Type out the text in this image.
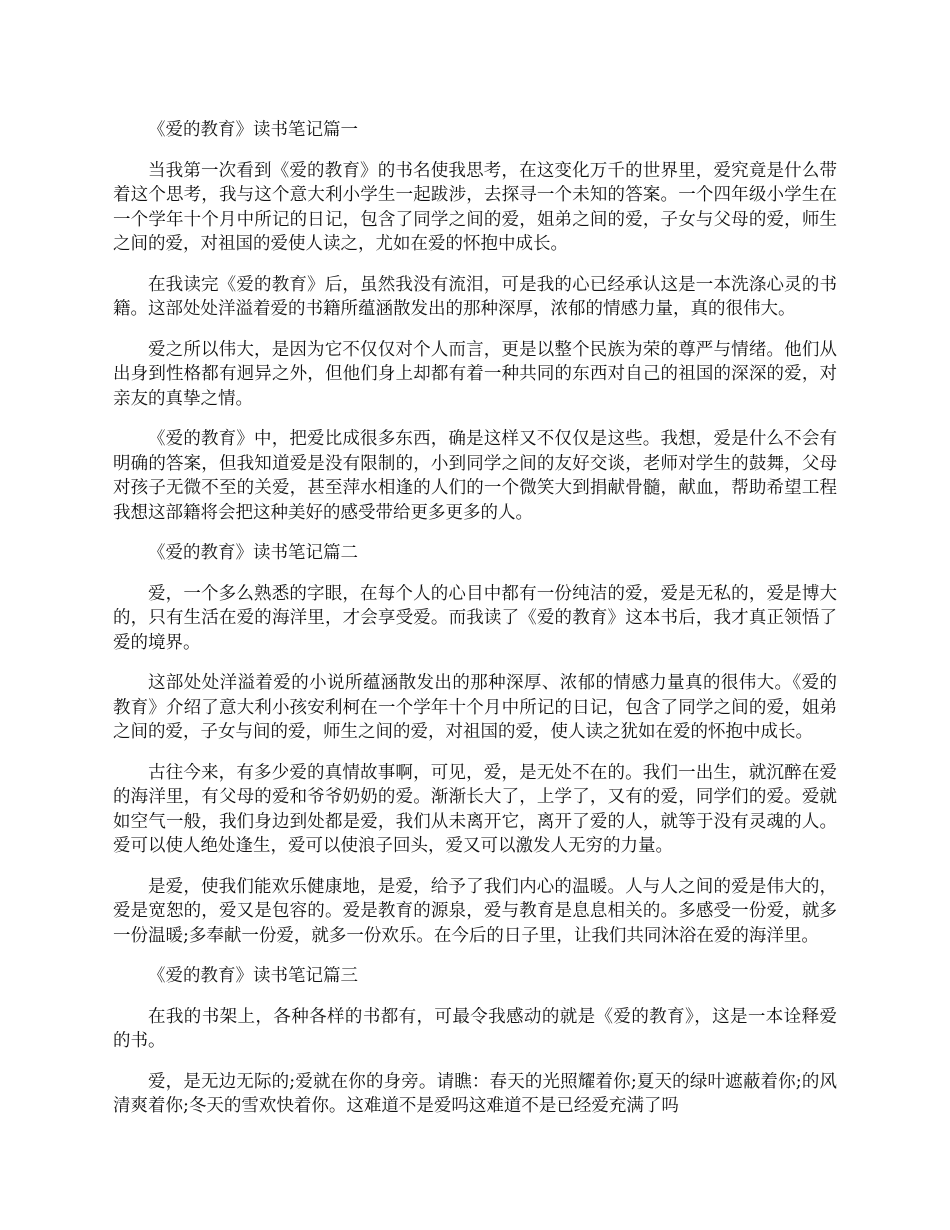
《爱的教育》读书笔记篇一

当我第一次看到《爱的教育》的书名使我思考，在这变化万千的世界里，爱究竟是什么带着这个思考，我与这个意大利小学生一起跋涉，去探寻一个未知的答案。一个四年级小学生在一个学年十个月中所记的日记，包含了同学之间的爱，姐弟之间的爱，子女与父母的爱，师生之间的爱，对祖国的爱使人读之，尤如在爱的怀抱中成长。

在我读完《爱的教育》后，虽然我没有流泪，可是我的心已经承认这是一本洗涤心灵的书籍。这部处处洋溢着爱的书籍所蕴涵散发出的那种深厚，浓郁的情感力量，真的很伟大。

爱之所以伟大，是因为它不仅仅对个人而言，更是以整个民族为荣的尊严与情绪。他们从出身到性格都有迥异之外，但他们身上却都有着一种共同的东西对自己的祖国的深深的爱，对亲友的真挚之情。

《爱的教育》中，把爱比成很多东西，确是这样又不仅仅是这些。我想，爱是什么不会有明确的答案，但我知道爱是没有限制的，小到同学之间的友好交谈，老师对学生的鼓舞，父母对孩子无微不至的关爱，甚至萍水相逢的人们的一个微笑大到捐献骨髓，献血，帮助希望工程我想这部籍将会把这种美好的感受带给更多更多的人。

《爱的教育》读书笔记篇二

爱，一个多么熟悉的字眼，在每个人的心目中都有一份纯洁的爱，爱是无私的，爱是博大的，只有生活在爱的海洋里，才会享受爱。而我读了《爱的教育》这本书后，我才真正领悟了爱的境界。

这部处处洋溢着爱的小说所蕴涵散发出的那种深厚、浓郁的情感力量真的很伟大。《爱的教育》介绍了意大利小孩安利柯在一个学年十个月中所记的日记，包含了同学之间的爱，姐弟之间的爱，子女与间的爱，师生之间的爱，对祖国的爱，使人读之犹如在爱的怀抱中成长。

古往今来，有多少爱的真情故事啊，可见，爱，是无处不在的。我们一出生，就沉醉在爱的海洋里，有父母的爱和爷爷奶奶的爱。渐渐长大了，上学了，又有的爱，同学们的爱。爱就如空气一般，我们身边到处都是爱，我们从未离开它，离开了爱的人，就等于没有灵魂的人。爱可以使人绝处逢生，爱可以使浪子回头，爱又可以激发人无穷的力量。

是爱，使我们能欢乐健康地，是爱，给予了我们内心的温暖。人与人之间的爱是伟大的，爱是宽恕的，爱又是包容的。爱是教育的源泉，爱与教育是息息相关的。多感受一份爱，就多一份温暖;多奉献一份爱，就多一份欢乐。在今后的日子里，让我们共同沐浴在爱的海洋里。

《爱的教育》读书笔记篇三

在我的书架上，各种各样的书都有，可最令我感动的就是《爱的教育》，这是一本诠释爱的书。

爱，是无边无际的;爱就在你的身旁。请瞧：春天的光照耀着你;夏天的绿叶遮蔽着你;的风清爽着你;冬天的雪欢快着你。这难道不是爱吗这难道不是已经爱充满了吗
